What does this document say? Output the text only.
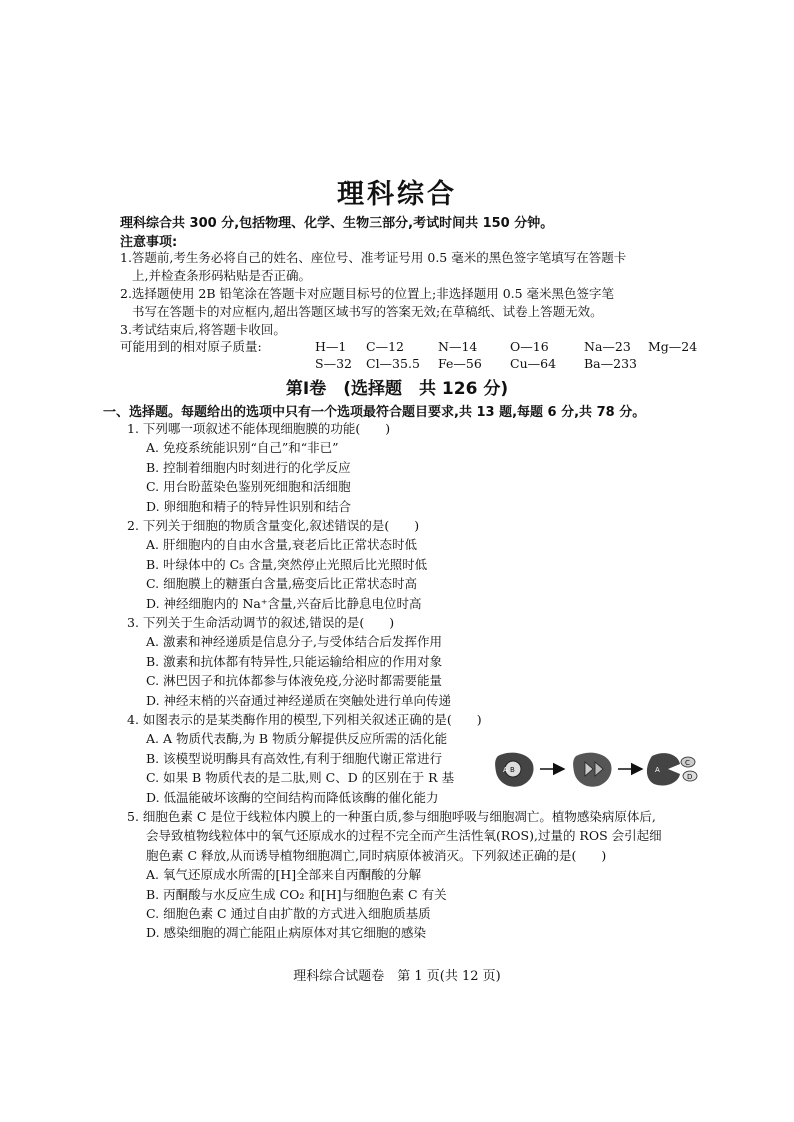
理科综合
理科综合共 300 分,包括物理、化学、生物三部分,考试时间共 150 分钟。
注意事项:

1.答题前,考生务必将自己的姓名、座位号、准考证号用 0.5 毫米的黑色签字笔填写在答题卡
上,并检查条形码粘贴是否正确。

2.选择题使用 2B 铅笔涂在答题卡对应题目标号的位置上;非选择题用 0.5 毫米黑色签字笔
书写在答题卡的对应框内,超出答题区域书写的答案无效;在草稿纸、试卷上答题无效。

3.考试结束后,将答题卡收回。

可能用到的相对原子质量:	H—1 C—12	N—14	O—16	Na—23 Mg—24
S—32 Cl—35.5 Fe—56 Cu—64 Ba—233
第Ⅰ卷　(选择题　共 126 分)
一、选择题。每题给出的选项中只有一个选项最符合题目要求,共 13 题,每题 6 分,共 78 分。

1. 下列哪一项叙述不能体现细胞膜的功能(　　)

A. 免疫系统能识别“自己”和“非已”

B. 控制着细胞内时刻进行的化学反应

C. 用台盼蓝染色鉴别死细胞和活细胞

D. 卵细胞和精子的特异性识别和结合

2. 下列关于细胞的物质含量变化,叙述错误的是(　　)

A. 肝细胞内的自由水含量,衰老后比正常状态时低

B. 叶绿体中的 C₅ 含量,突然停止光照后比光照时低

C. 细胞膜上的糖蛋白含量,癌变后比正常状态时高

D. 神经细胞内的 Na⁺含量,兴奋后比静息电位时高

3. 下列关于生命活动调节的叙述,错误的是(　　)

A. 激素和神经递质是信息分子,与受体结合后发挥作用

B. 激素和抗体都有特异性,只能运输给相应的作用对象

C. 淋巴因子和抗体都参与体液免疫,分泌时都需要能量

D. 神经末梢的兴奋通过神经递质在突触处进行单向传递

4. 如图表示的是某类酶作用的模型,下列相关叙述正确的是(　　)

A. A 物质代表酶,为 B 物质分解提供反应所需的活化能

B. 该模型说明酶具有高效性,有利于细胞代谢正常进行

C. 如果 B 物质代表的是二肽,则 C、D 的区别在于 R 基

D. 低温能破坏该酶的空间结构而降低该酶的催化能力

A B	A
C
D

5. 细胞色素 C 是位于线粒体内膜上的一种蛋白质,参与细胞呼吸与细胞凋亡。植物感染病原体后,

会导致植物线粒体中的氧气还原成水的过程不完全而产生活性氧(ROS),过量的 ROS 会引起细

胞色素 C 释放,从而诱导植物细胞凋亡,同时病原体被消灭。下列叙述正确的是(　　)

A. 氧气还原成水所需的[H]全部来自丙酮酸的分解

B. 丙酮酸与水反应生成 CO₂ 和[H]与细胞色素 C 有关

C. 细胞色素 C 通过自由扩散的方式进入细胞质基质

D. 感染细胞的凋亡能阻止病原体对其它细胞的感染

理科综合试题卷　第 1 页(共 12 页)
